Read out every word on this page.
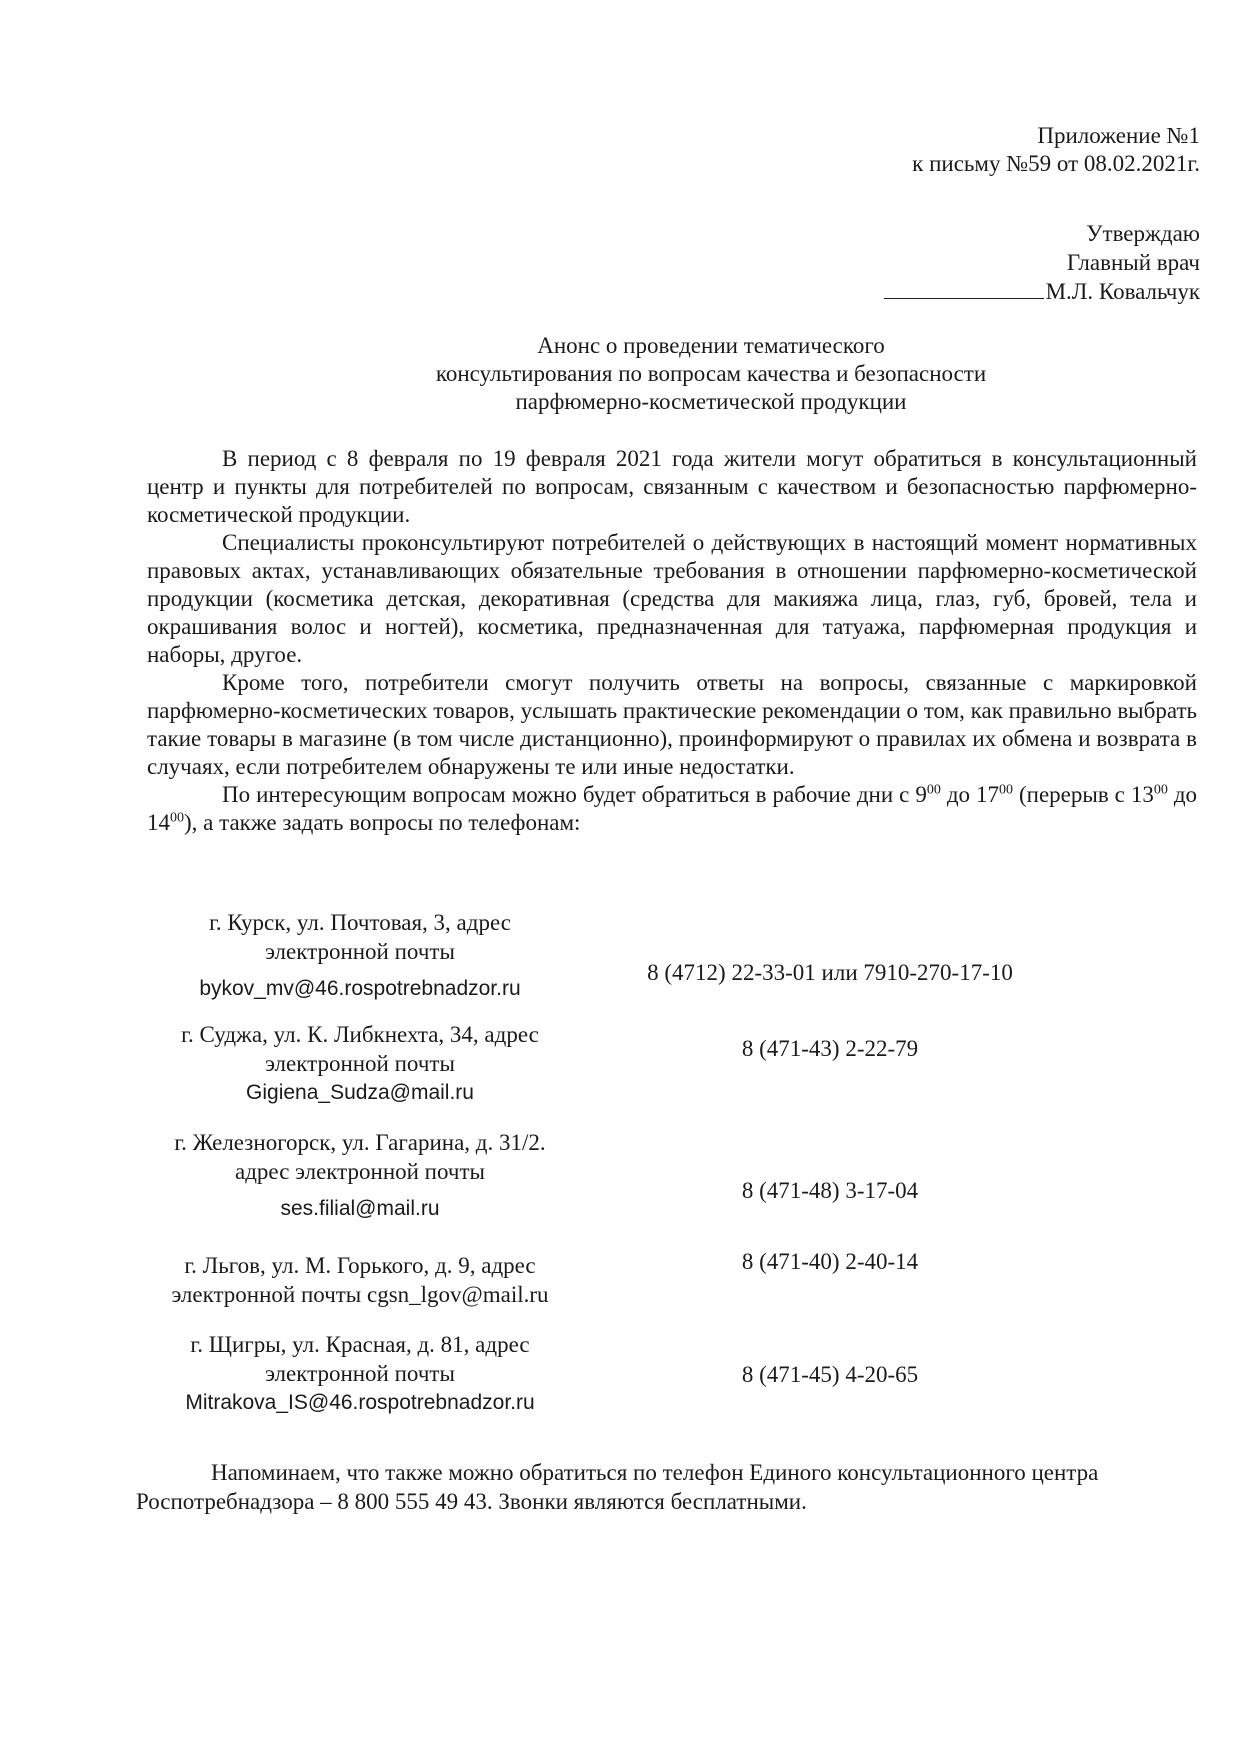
Приложение №1
к письму №59 от 08.02.2021г.
Утверждаю
Главный врач
М.Л. Ковальчук
Анонс о проведении тематического
консультирования по вопросам качества и безопасности
парфюмерно-косметической продукции

В период с 8 февраля по 19 февраля 2021 года жители могут обратиться в консультационный центр и пункты для потребителей по вопросам, связанным с качеством и безопасностью парфюмерно-косметической продукции.

Специалисты проконсультируют потребителей о действующих в настоящий момент нормативных правовых актах, устанавливающих обязательные требования в отношении парфюмерно-косметической продукции (косметика детская, декоративная (средства для макияжа лица, глаз, губ, бровей, тела и окрашивания волос и ногтей), косметика, предназначенная для татуажа, парфюмерная продукция и наборы, другое.

Кроме того, потребители смогут получить ответы на вопросы, связанные с маркировкой парфюмерно-косметических товаров, услышать практические рекомендации о том, как правильно выбрать такие товары в магазине (в том числе дистанционно), проинформируют о правилах их обмена и возврата в случаях, если потребителем обнаружены те или иные недостатки.

По интересующим вопросам можно будет обратиться в рабочие дни с $9^{00}$ до $17^{00}$ (перерыв с $13^{00}$ до $14^{00}$), а также задать вопросы по телефонам:

г. Курск, ул. Почтовая, 3, адрес
электронной почты
bykov_mv@46.rospotrebnadzor.ru
8 (4712) 22-33-01 или 7910-270-17-10
г. Суджа, ул. К. Либкнехта, 34, адрес
электронной почты
Gigiena_Sudza@mail.ru
8 (471-43) 2-22-79
г. Железногорск, ул. Гагарина, д. 31/2.
адрес электронной почты
ses.filial@mail.ru
8 (471-48) 3-17-04
г. Льгов, ул. М. Горького, д. 9, адрес
электронной почты cgsn_lgov@mail.ru
8 (471-40) 2-40-14
г. Щигры, ул. Красная, д. 81, адрес
электронной почты
Mitrakova_IS@46.rospotrebnadzor.ru
8 (471-45) 4-20-65

Напоминаем, что также можно обратиться по телефон Единого консультационного центра Роспотребнадзора – 8 800 555 49 43. Звонки являются бесплатными.
